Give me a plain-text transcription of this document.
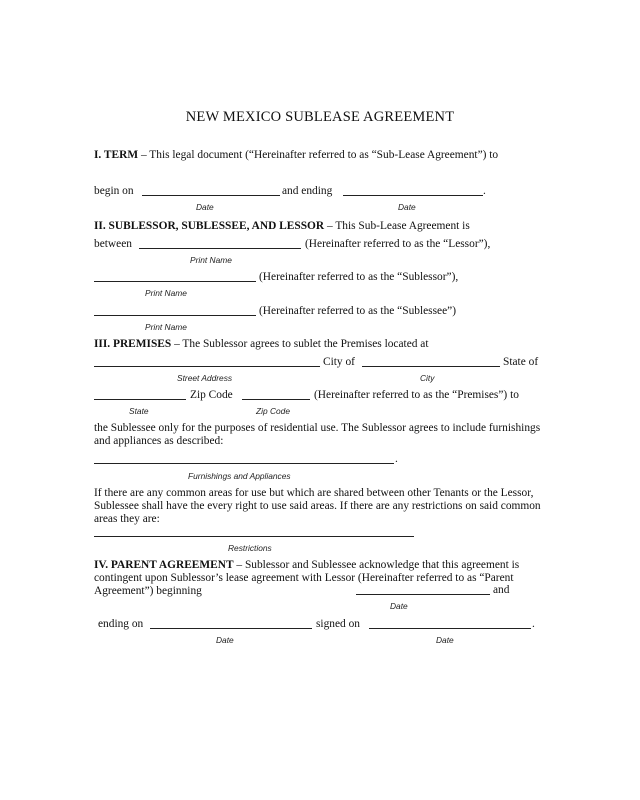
NEW MEXICO SUBLEASE AGREEMENT
I. TERM – This legal document (“Hereinafter referred to as “Sub-Lease Agreement”) to
begin on	and ending	.
Date	Date
II. SUBLESSOR, SUBLESSEE, AND LESSOR – This Sub-Lease Agreement is
between	(Hereinafter referred to as the “Lessor”),
Print Name
(Hereinafter referred to as the “Sublessor”),
Print Name
(Hereinafter referred to as the “Sublessee”)
Print Name
III. PREMISES – The Sublessor agrees to sublet the Premises located at
City of	State of
Street Address	City
Zip Code	(Hereinafter referred to as the “Premises”) to
State	Zip Code
the Sublessee only for the purposes of residential use. The Sublessor agrees to include furnishings and appliances as described:
.
Furnishings and Appliances
If there are any common areas for use but which are shared between other Tenants or the Lessor, Sublessee shall have the every right to use said areas. If there are any restrictions on said common areas they are:
Restrictions
IV. PARENT AGREEMENT – Sublessor and Sublessee acknowledge that this agreement is contingent upon Sublessor’s lease agreement with Lessor (Hereinafter referred to as “Parent Agreement”) beginning	and
Date
ending on	signed on	.
Date	Date
